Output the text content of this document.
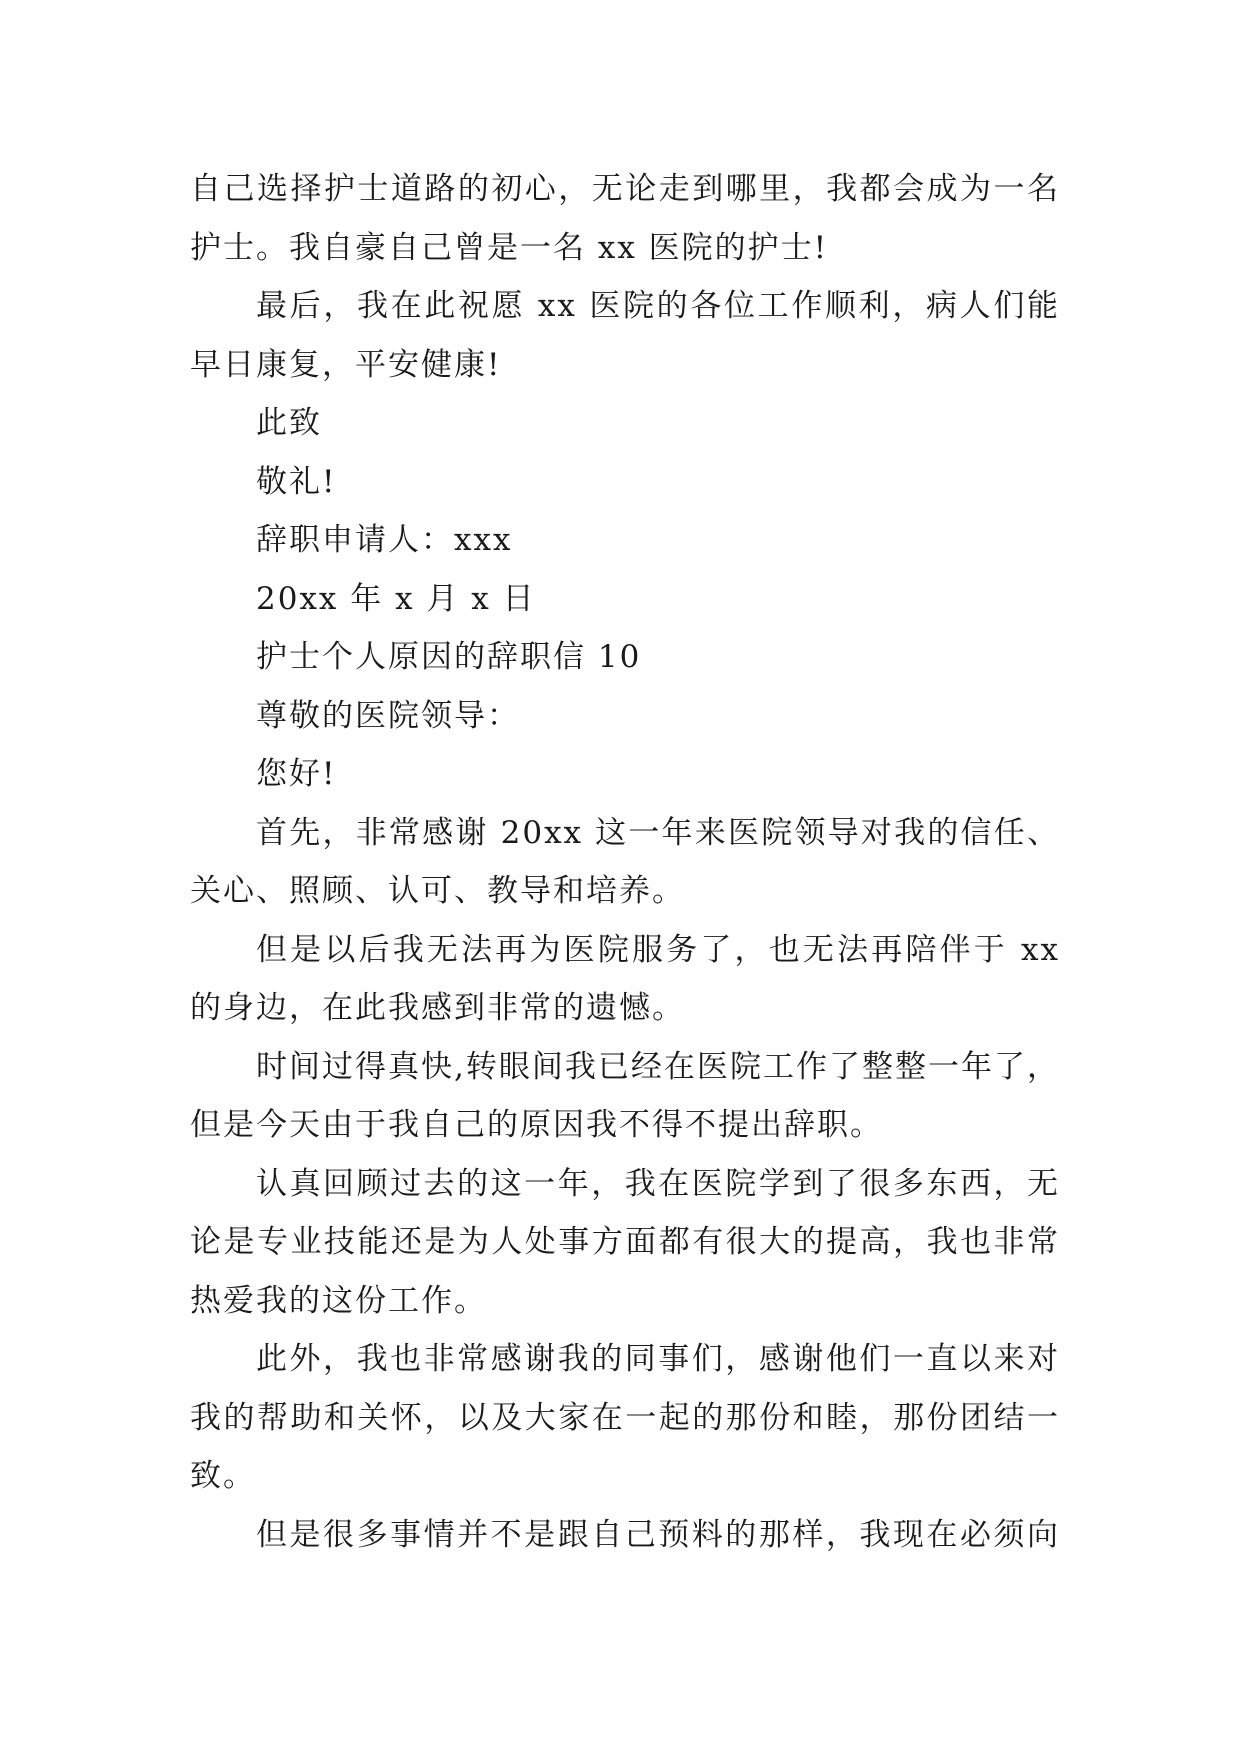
自己选择护士道路的初心，无论走到哪里，我都会成为一名
护士。我自豪自己曾是一名 xx 医院的护士!
最后，我在此祝愿 xx 医院的各位工作顺利，病人们能
早日康复，平安健康!
此致
敬礼!
辞职申请人：xxx
20xx 年 x 月 x 日
护士个人原因的辞职信 10
尊敬的医院领导：
您好!
首先，非常感谢 20xx 这一年来医院领导对我的信任、
关心、照顾、认可、教导和培养。
但是以后我无法再为医院服务了，也无法再陪伴于 xx
的身边，在此我感到非常的遗憾。
时间过得真快,转眼间我已经在医院工作了整整一年了，
但是今天由于我自己的原因我不得不提出辞职。
认真回顾过去的这一年，我在医院学到了很多东西，无
论是专业技能还是为人处事方面都有很大的提高，我也非常
热爱我的这份工作。
此外，我也非常感谢我的同事们，感谢他们一直以来对
我的帮助和关怀，以及大家在一起的那份和睦，那份团结一
致。
但是很多事情并不是跟自己预料的那样，我现在必须向
